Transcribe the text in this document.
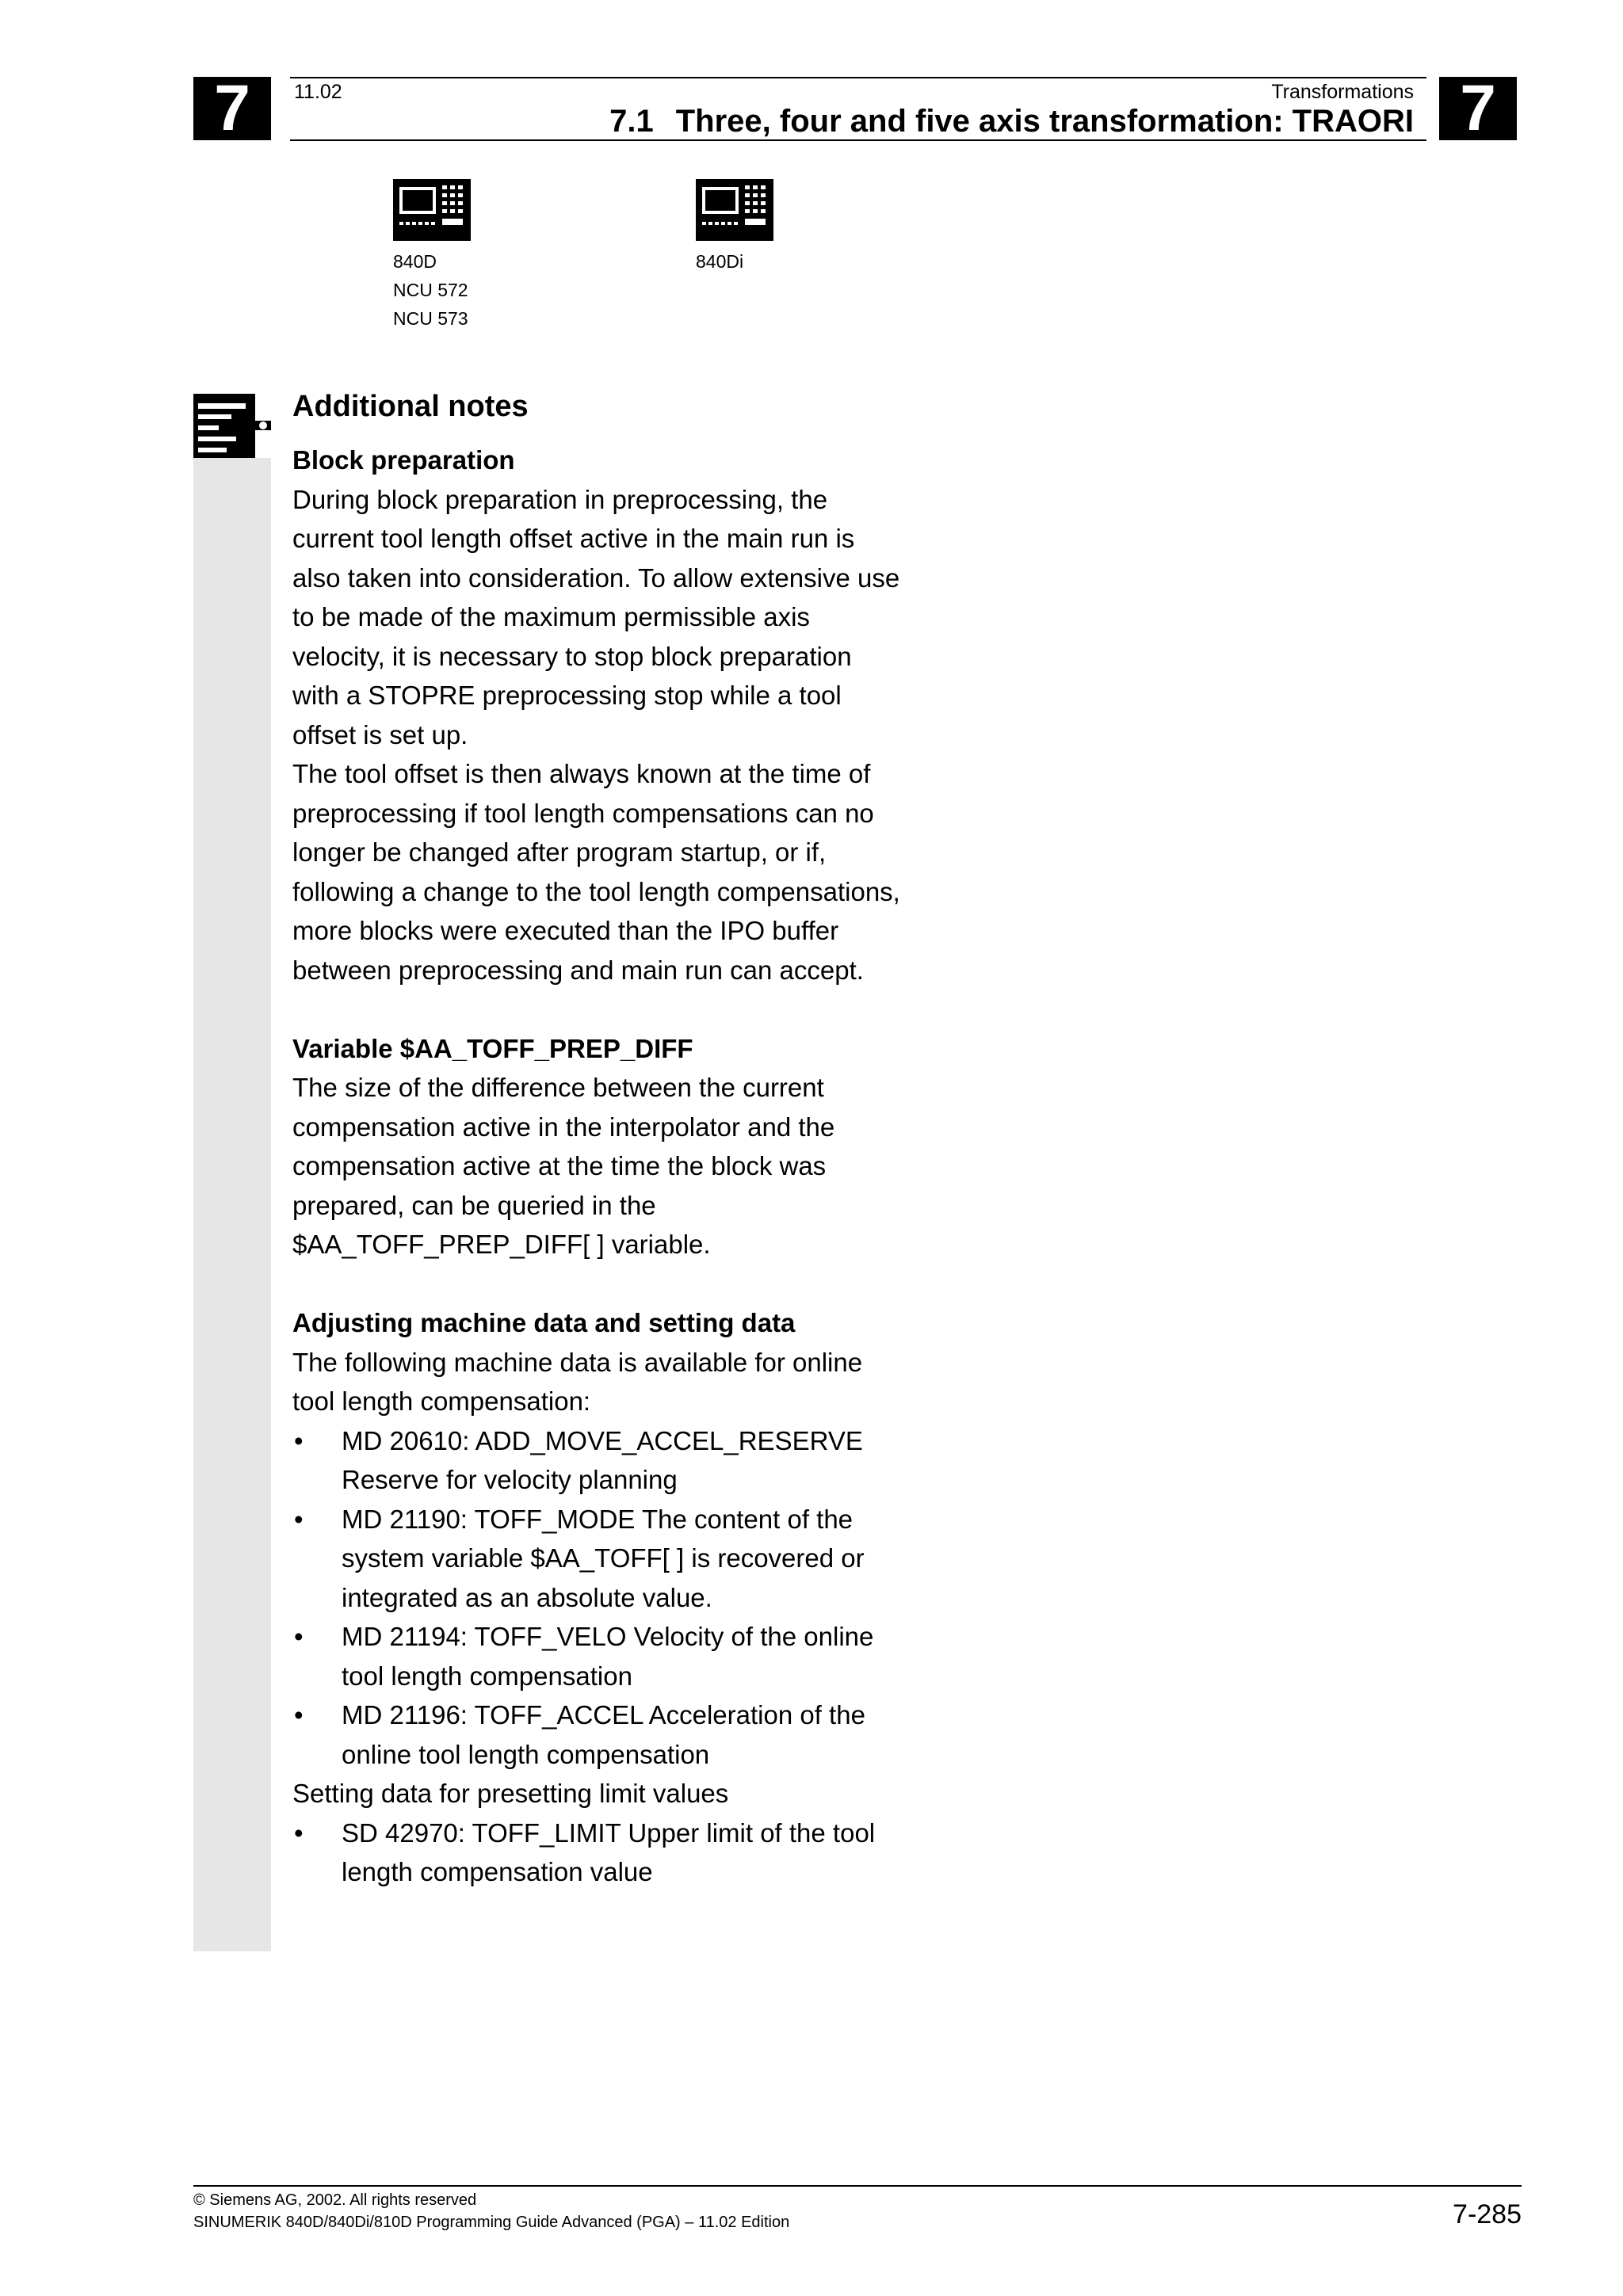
7	11.02	Transformations
7.1 Three, four and five axis transformation: TRAORI 7
840D
NCU 572
NCU 573
840Di
Additional notes

Block preparation

During block preparation in preprocessing, the

current tool length offset active in the main run is

also taken into consideration. To allow extensive use

to be made of the maximum permissible axis

velocity, it is necessary to stop block preparation

with a STOPRE preprocessing stop while a tool

offset is set up.

The tool offset is then always known at the time of

preprocessing if tool length compensations can no

longer be changed after program startup, or if,

following a change to the tool length compensations,

more blocks were executed than the IPO buffer

between preprocessing and main run can accept.

Variable $AA_TOFF_PREP_DIFF

The size of the difference between the current

compensation active in the interpolator and the

compensation active at the time the block was

prepared, can be queried in the

$AA_TOFF_PREP_DIFF[ ] variable.

Adjusting machine data and setting data

The following machine data is available for online

tool length compensation:

• MD 20610: ADD_MOVE_ACCEL_RESERVE
Reserve for velocity planning
• MD 21190: TOFF_MODE The content of the
system variable $AA_TOFF[ ] is recovered or
integrated as an absolute value.
• MD 21194: TOFF_VELO Velocity of the online
tool length compensation
• MD 21196: TOFF_ACCEL Acceleration of the
online tool length compensation

Setting data for presetting limit values

• SD 42970: TOFF_LIMIT Upper limit of the tool
length compensation value
© Siemens AG, 2002. All rights reserved
SINUMERIK 840D/840Di/810D Programming Guide Advanced (PGA) – 11.02 Edition	7-285
